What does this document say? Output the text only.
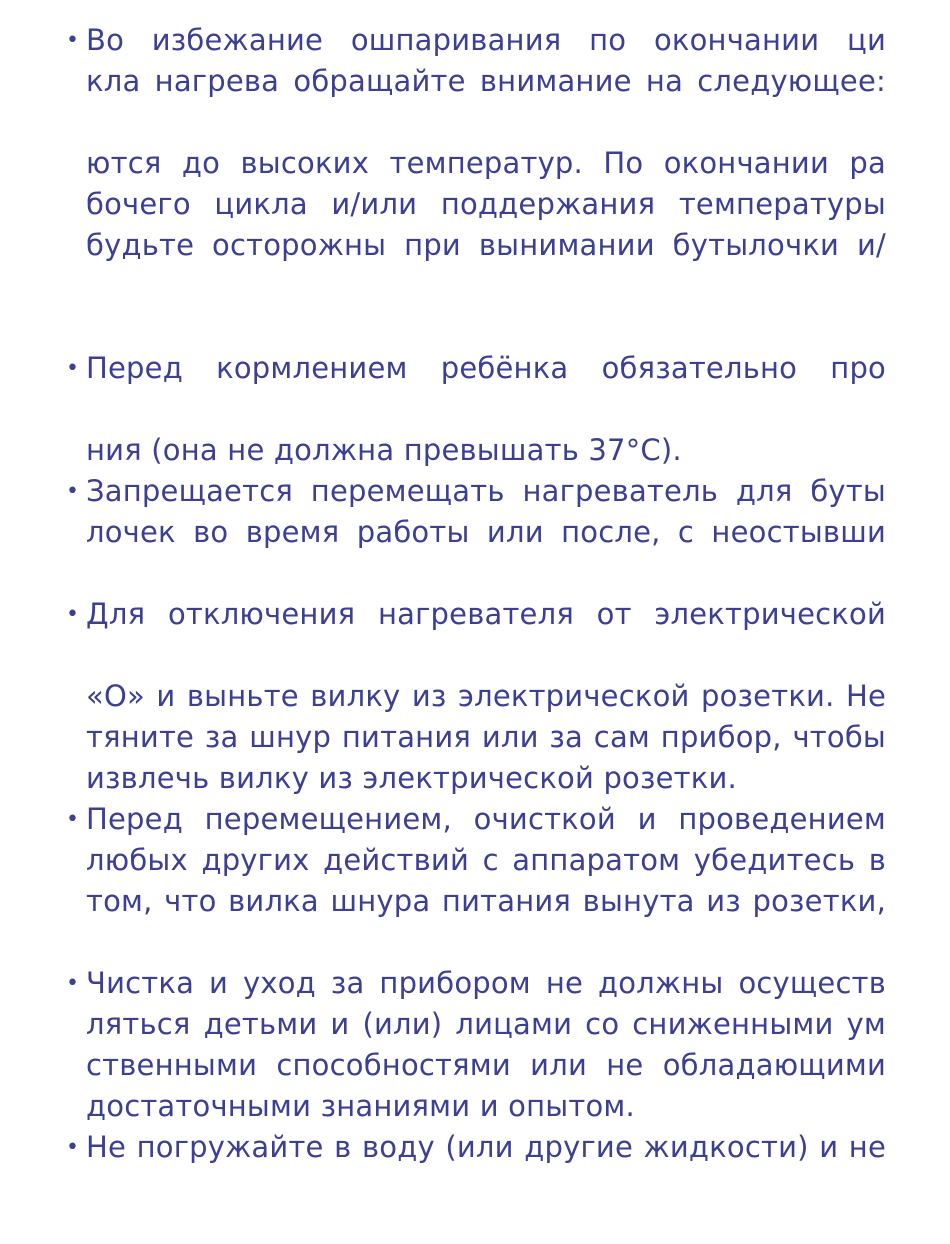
• Во избежание ошпаривания по окончании ци
кла нагрева обращайте внимание на следующее:
ются до высоких температур. По окончании ра
бочего цикла и/или поддержания температуры
будьте осторожны при вынимании бутылочки и/
• Перед кормлением ребёнка обязательно про
ния (она не должна превышать 37°C).
• Запрещается перемещать нагреватель для буты
лочек во время работы или после, с неостывши
• Для отключения нагревателя от электрической
«O» и выньте вилку из электрической розетки. Не
тяните за шнур питания или за сам прибор, чтобы
извлечь вилку из электрической розетки.
• Перед перемещением, очисткой и проведением
любых других действий с аппаратом убедитесь в
том, что вилка шнура питания вынута из розетки,
• Чистка и уход за прибором не должны осуществ
ляться детьми и (или) лицами со сниженными ум
ственными способностями или не обладающими
достаточными знаниями и опытом.
• Не погружайте в воду (или другие жидкости) и не
